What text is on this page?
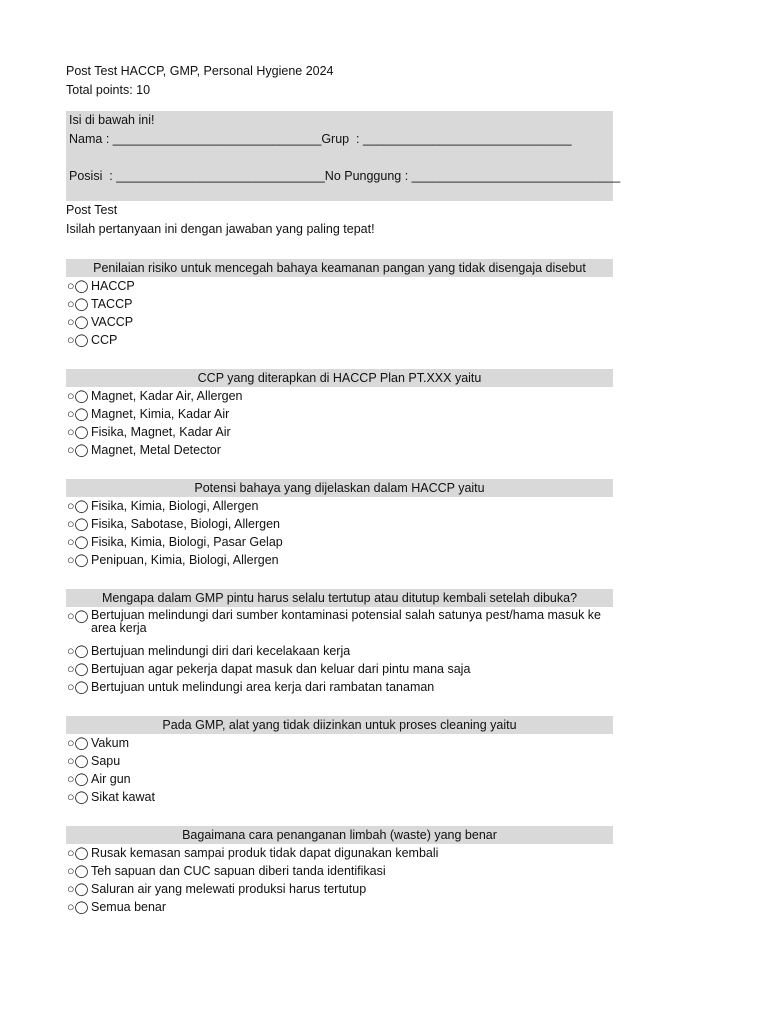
Post Test HACCP, GMP, Personal Hygiene 2024
Total points: 10
Isi di bawah ini!
Nama : ______________________________Grup  : ______________________________
Posisi  : ______________________________No Punggung : ______________________________
Post Test
Isilah pertanyaan ini dengan jawaban yang paling tepat!
Penilaian risiko untuk mencegah bahaya keamanan pangan yang tidak disengaja disebut
○◯ HACCP
○◯ TACCP
○◯ VACCP
○◯ CCP
CCP yang diterapkan di HACCP Plan PT.XXX yaitu
○◯ Magnet, Kadar Air, Allergen
○◯ Magnet, Kimia, Kadar Air
○◯ Fisika, Magnet, Kadar Air
○◯ Magnet, Metal Detector
Potensi bahaya yang dijelaskan dalam HACCP yaitu
○◯ Fisika, Kimia, Biologi, Allergen
○◯ Fisika, Sabotase, Biologi, Allergen
○◯ Fisika, Kimia, Biologi, Pasar Gelap
○◯ Penipuan, Kimia, Biologi, Allergen
Mengapa dalam GMP pintu harus selalu tertutup atau ditutup kembali setelah dibuka?
○◯ Bertujuan melindungi dari sumber kontaminasi potensial salah satunya pest/hama masuk ke area kerja
○◯ Bertujuan melindungi diri dari kecelakaan kerja
○◯ Bertujuan agar pekerja dapat masuk dan keluar dari pintu mana saja
○◯ Bertujuan untuk melindungi area kerja dari rambatan tanaman
Pada GMP, alat yang tidak diizinkan untuk proses cleaning yaitu
○◯ Vakum
○◯ Sapu
○◯ Air gun
○◯ Sikat kawat
Bagaimana cara penanganan limbah (waste) yang benar
○◯ Rusak kemasan sampai produk tidak dapat digunakan kembali
○◯ Teh sapuan dan CUC sapuan diberi tanda identifikasi
○◯ Saluran air yang melewati produksi harus tertutup
○◯ Semua benar
